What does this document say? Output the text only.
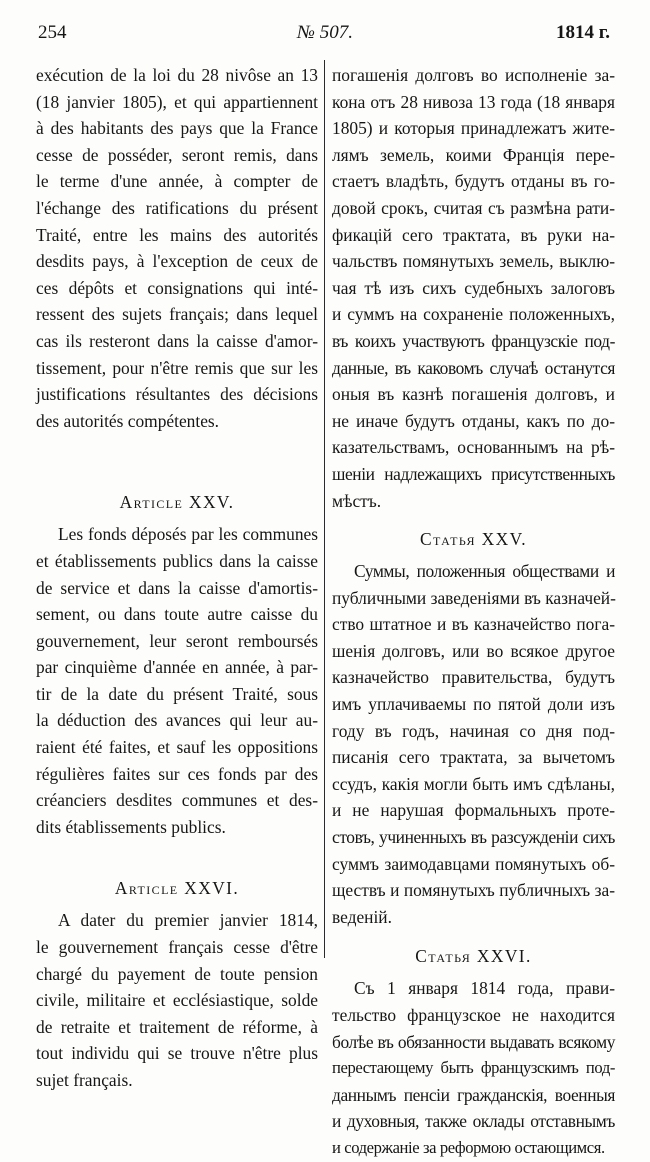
254	№ 507.	1814 г.
exécution de la loi du 28 nivôse an 13
(18 janvier 1805), et qui appartiennent
à des habitants des pays que la France
cesse de posséder, seront remis, dans
le terme d'une année, à compter de
l'échange des ratifications du présent
Traité, entre les mains des autorités
desdits pays, à l'exception de ceux de
ces dépôts et consignations qui inté-
ressent des sujets français; dans lequel
cas ils resteront dans la caisse d'amor-
tissement, pour n'être remis que sur les
justifications résultantes des décisions
des autorités compétentes.
Article XXV.
Les fonds déposés par les communes
et établissements publics dans la caisse
de service et dans la caisse d'amortis-
sement, ou dans toute autre caisse du
gouvernement, leur seront remboursés
par cinquième d'année en année, à par-
tir de la date du présent Traité, sous
la déduction des avances qui leur au-
raient été faites, et sauf les oppositions
régulières faites sur ces fonds par des
créanciers desdites communes et des-
dits établissements publics.
Article XXVI.
A dater du premier janvier 1814,
le gouvernement français cesse d'être
chargé du payement de toute pension
civile, militaire et ecclésiastique, solde
de retraite et traitement de réforme, à
tout individu qui se trouve n'être plus
sujet français.
погашенія долговъ во исполненіе за-
кона отъ 28 нивоза 13 года (18 января
1805) и которыя принадлежатъ жите-
лямъ земель, коими Франція пере-
стаетъ владѣть, будутъ отданы въ го-
довой срокъ, считая съ размѣна рати-
фикацій сего трактата, въ руки на-
чальствъ помянутыхъ земель, выклю-
чая тѣ изъ сихъ судебныхъ залоговъ
и суммъ на сохраненіе положенныхъ,
въ коихъ участвуютъ французскіе под-
данные, въ каковомъ случаѣ останутся
оныя въ казнѣ погашенія долговъ, и
не иначе будутъ отданы, какъ по до-
казательствамъ, основаннымъ на рѣ-
шеніи надлежащихъ присутственныхъ
мѣстъ.
Статья XXV.
Суммы, положенныя обществами и
публичными заведеніями въ казначей-
ство штатное и въ казначейство пога-
шенія долговъ, или во всякое другое
казначейство правительства, будутъ
имъ уплачиваемы по пятой доли изъ
году въ годъ, начиная со дня под-
писанія сего трактата, за вычетомъ
ссудъ, какія могли быть имъ сдѣланы,
и не нарушая формальныхъ проте-
стовъ, учиненныхъ въ разсужденіи сихъ
суммъ заимодавцами помянутыхъ об-
ществъ и помянутыхъ публичныхъ за-
веденій.
Статья XXVI.
Съ 1 января 1814 года, прави-
тельство французское не находится
болѣе въ обязанности выдавать всякому
перестающему быть французскимъ под-
даннымъ пенсіи гражданскія, военныя
и духовныя, также оклады отставнымъ
и содержаніе за реформою остающимся.
